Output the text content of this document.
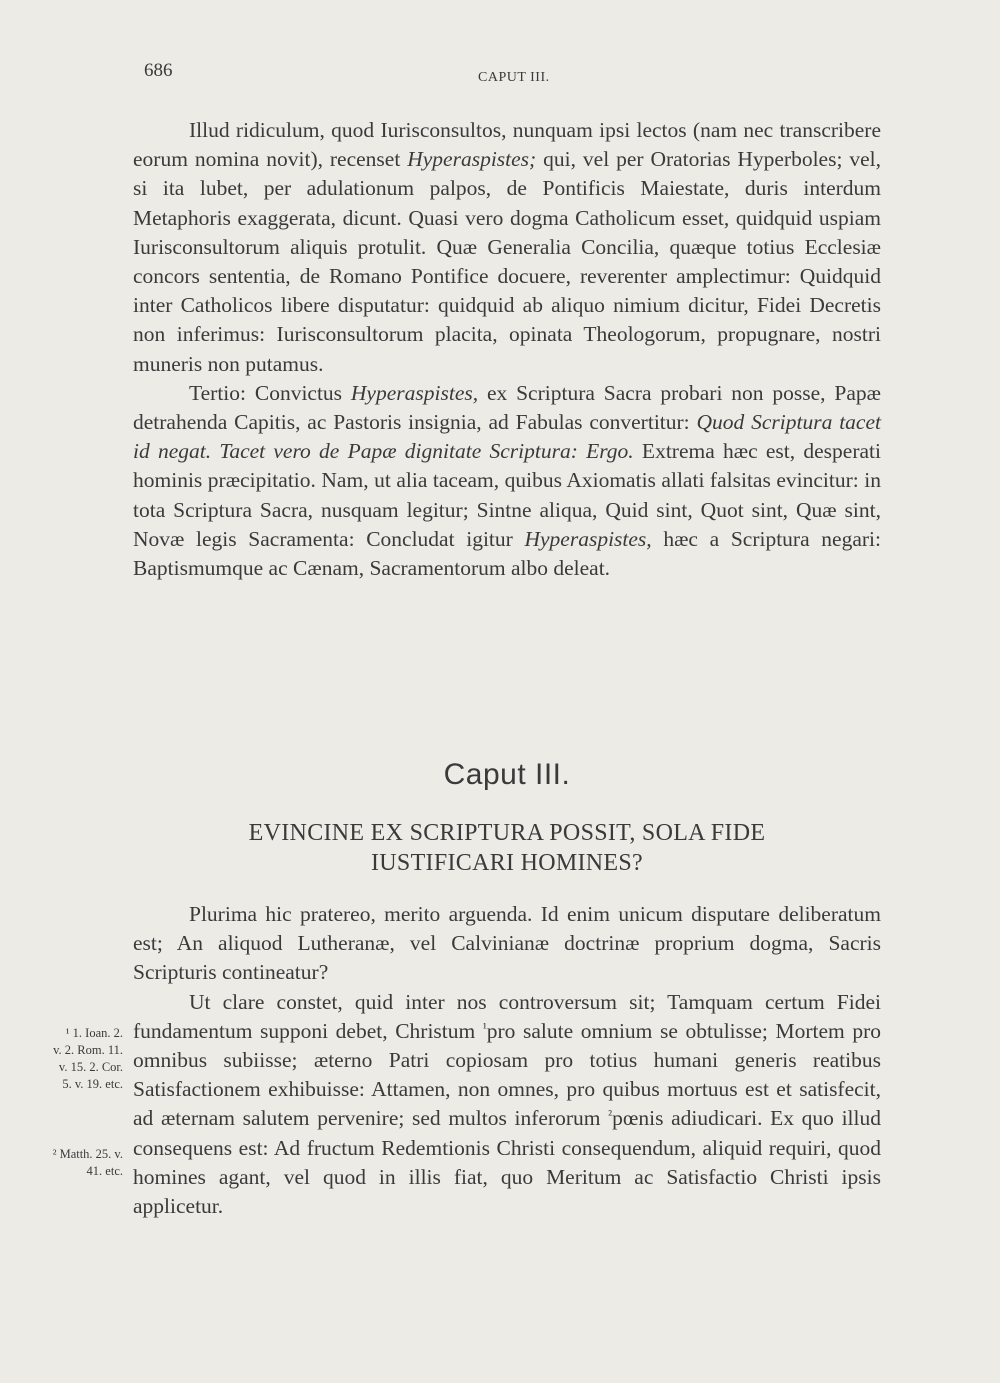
686	CAPUT III.

Illud ridiculum, quod Iurisconsultos, nunquam ipsi lectos (nam nec transcribere eorum nomina novit), recenset Hyperaspistes; qui, vel per Oratorias Hyperboles; vel, si ita lubet, per adulationum palpos, de Pontificis Maiestate, duris interdum Metaphoris exaggerata, dicunt. Quasi vero dogma Catholicum esset, quidquid uspiam Iurisconsultorum aliquis protulit. Quæ Generalia Concilia, quæque totius Ecclesiæ concors sententia, de Romano Pontifice docuere, reverenter amplectimur: Quidquid inter Catholicos libere disputatur: quidquid ab aliquo nimium dicitur, Fidei Decretis non inferimus: Iurisconsultorum placita, opinata Theologorum, propugnare, nostri muneris non putamus.

Tertio: Convictus Hyperaspistes, ex Scriptura Sacra probari non posse, Papæ detrahenda Capitis, ac Pastoris insignia, ad Fabulas convertitur: Quod Scriptura tacet id negat. Tacet vero de Papæ dignitate Scriptura: Ergo. Extrema hæc est, desperati hominis præcipitatio. Nam, ut alia taceam, quibus Axiomatis allati falsitas evincitur: in tota Scriptura Sacra, nusquam legitur; Sintne aliqua, Quid sint, Quot sint, Quæ sint, Novæ legis Sacramenta: Concludat igitur Hyperaspistes, hæc a Scriptura negari: Baptismumque ac Cænam, Sacramentorum albo deleat.

Caput III.
EVINCINE EX SCRIPTURA POSSIT, SOLA FIDE
IUSTIFICARI HOMINES?

Plurima hic pratereo, merito arguenda. Id enim unicum disputare deliberatum est; An aliquod Lutheranæ, vel Calvinianæ doctrinæ proprium dogma, Sacris Scripturis contineatur?

Ut clare constet, quid inter nos controversum sit; Tamquam certum Fidei fundamentum supponi debet, Christum $^{^1}$pro salute omnium se obtulisse; Mortem pro omnibus subiisse; æterno Patri copiosam pro totius humani generis reatibus Satisfactionem exhibuisse: Attamen, non omnes, pro quibus mortuus est et satisfecit, ad æternam salutem pervenire; sed multos inferorum $^{^2}$pœnis adiudicari. Ex quo illud consequens est: Ad fructum Redemtionis Christi consequendum, aliquid requiri, quod homines agant, vel quod in illis fiat, quo Meritum ac Satisfactio Christi ipsis applicetur.

¹ 1. Ioan. 2.
v. 2. Rom. 11.
v. 15. 2. Cor.
5. v. 19. etc.
² Matth. 25. v.
41. etc.
